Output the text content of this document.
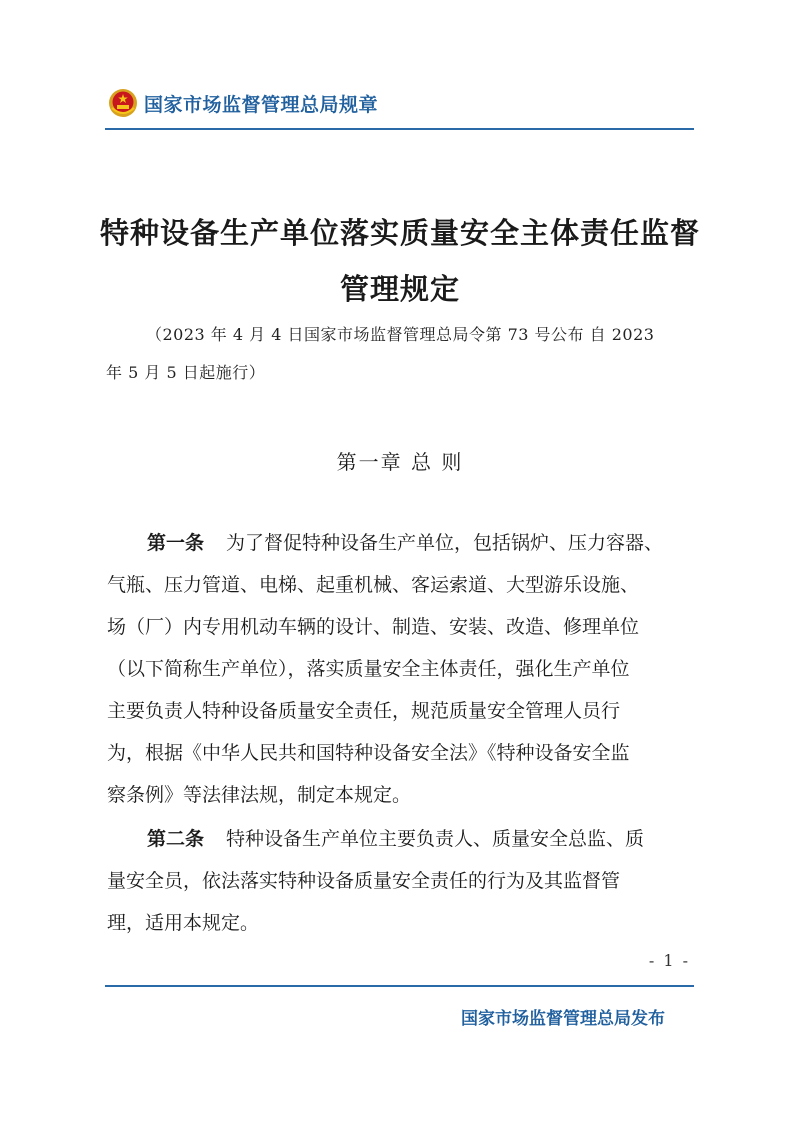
国家市场监督管理总局规章
特种设备生产单位落实质量安全主体责任监督
管理规定
（2023 年 4 月 4 日国家市场监督管理总局令第 73 号公布 自 2023
年 5 月 5 日起施行）
第一章 总 则
第一条 为了督促特种设备生产单位，包括锅炉、压力容器、
气瓶、压力管道、电梯、起重机械、客运索道、大型游乐设施、
场（厂）内专用机动车辆的设计、制造、安装、改造、修理单位
（以下简称生产单位），落实质量安全主体责任，强化生产单位
主要负责人特种设备质量安全责任，规范质量安全管理人员行
为，根据《中华人民共和国特种设备安全法》《特种设备安全监
察条例》等法律法规，制定本规定。
第二条 特种设备生产单位主要负责人、质量安全总监、质
量安全员，依法落实特种设备质量安全责任的行为及其监督管
理，适用本规定。
- 1 -
国家市场监督管理总局发布
